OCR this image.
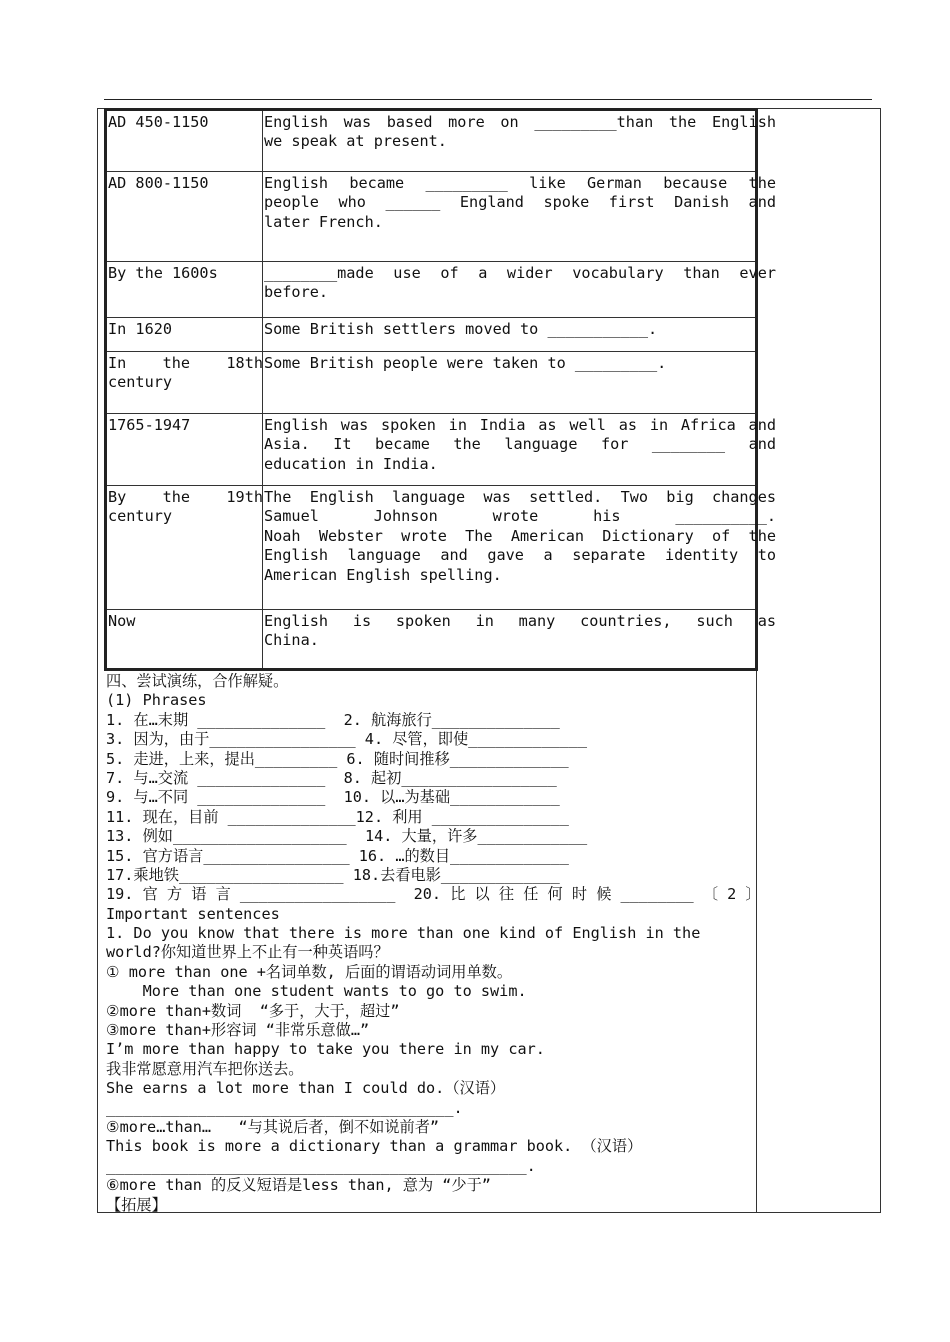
AD 450-1150	English was based more on _________than the English
we speak at present.

AD 800-1150	English became _________ like German because the
people who ______ England spoke first Danish and
later French.

By the 1600s	________made use of a wider vocabulary than ever
before.

In 1620	Some British settlers moved to ___________.

In the 18th
century	Some British people were taken to _________.

1765-1947	English was spoken in India as well as in Africa and
Asia. It became the language for ________ and
education in India.

By the 19th
century	The English language was settled. Two big changes
Samuel Johnson wrote his __________.
Noah Webster wrote The American Dictionary of the
English language and gave a separate identity to
American English spelling.

Now	English is spoken in many countries, such as
China.
四、尝试演练，合作解疑。
(1) Phrases
1. 在…末期 ______________  2. 航海旅行______________
3. 因为，由于________________ 4. 尽管，即使_____________
5. 走进，上来，提出_________ 6. 随时间推移_____________
7. 与…交流 ______________  8. 起初_________________
9. 与…不同 ______________  10. 以…为基础____________
11. 现在，目前 ______________12. 利用 _______________
13. 例如___________________  14. 大量，许多____________
15. 官方语言________________ 16. …的数目_____________
17.乘地铁__________________ 18.去看电影_____________
19. 官 方 语 言 _________________  20. 比 以 往 任 何 时 候 ________ 〔 2 〕
Important sentences
1. Do you know that there is more than one kind of English in the
world?你知道世界上不止有一种英语吗？
① more than one +名词单数, 后面的谓语动词用单数。
More than one student wants to go to swim.
②more than+数词  “多于，大于，超过”
③more than+形容词 “非常乐意做…”
I’m more than happy to take you there in my car.
我非常愿意用汽车把你送去。
She earns a lot more than I could do.（汉语）
______________________________________.
⑤more…than…   “与其说后者，倒不如说前者”
This book is more a dictionary than a grammar book. （汉语）
______________________________________________.
⑥more than 的反义短语是less than, 意为 “少于”
【拓展】
